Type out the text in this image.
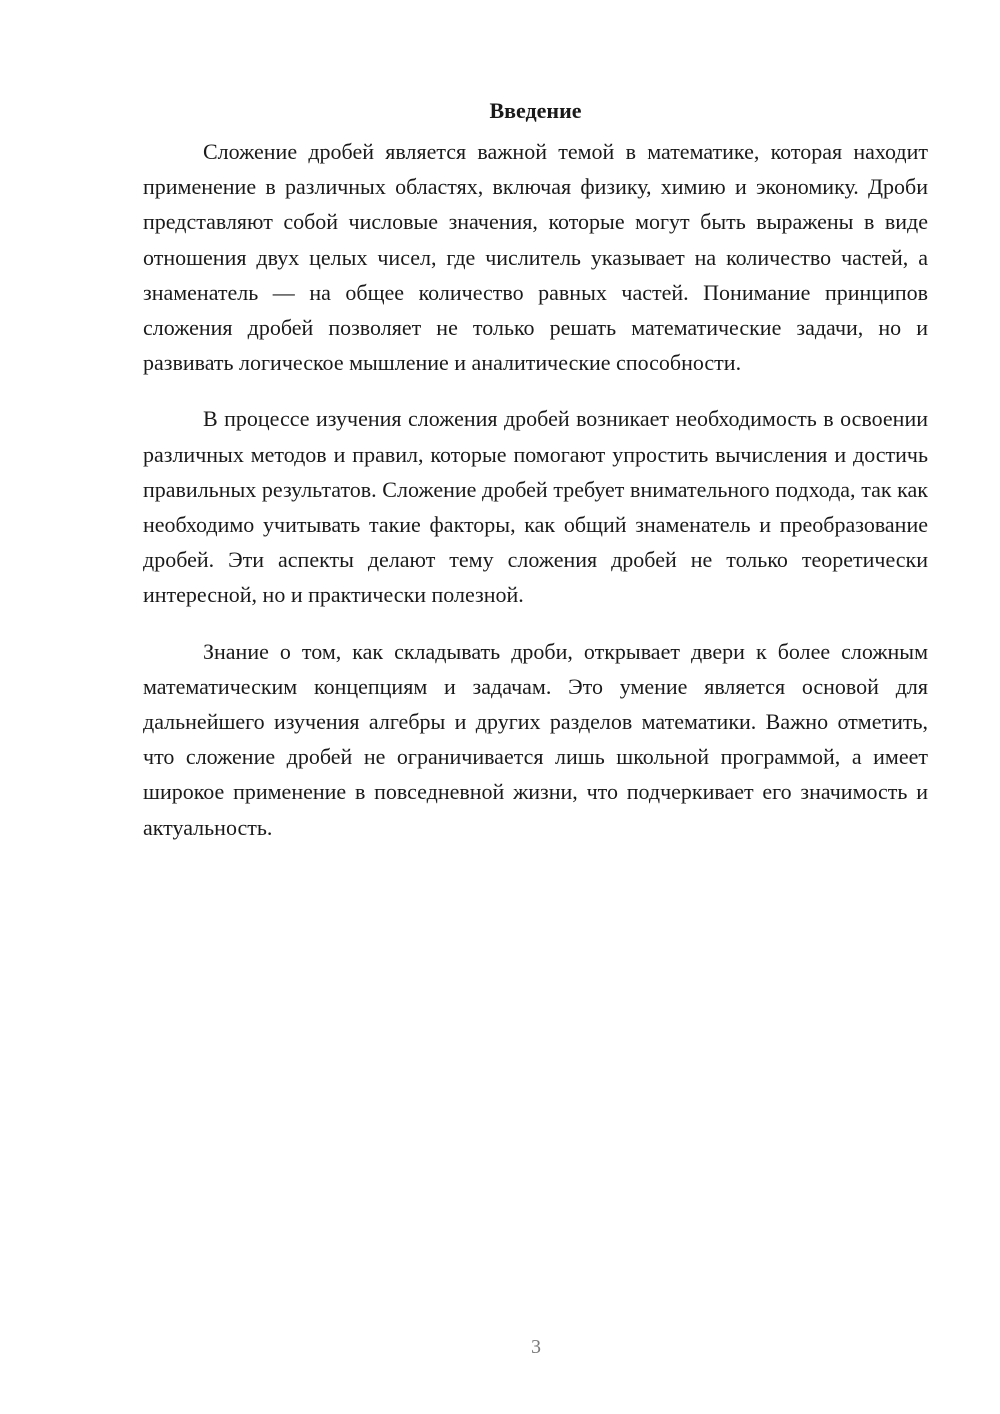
Введение

Сложение дробей является важной темой в математике, которая находит применение в различных областях, включая физику, химию и экономику. Дроби представляют собой числовые значения, которые могут быть выражены в виде отношения двух целых чисел, где числитель указывает на количество частей, а знаменатель — на общее количество равных частей. Понимание принципов сложения дробей позволяет не только решать математические задачи, но и развивать логическое мышление и аналитические способности.

В процессе изучения сложения дробей возникает необходимость в освоении различных методов и правил, которые помогают упростить вычисления и достичь правильных результатов. Сложение дробей требует внимательного подхода, так как необходимо учитывать такие факторы, как общий знаменатель и преобразование дробей. Эти аспекты делают тему сложения дробей не только теоретически интересной, но и практически полезной.

Знание о том, как складывать дроби, открывает двери к более сложным математическим концепциям и задачам. Это умение является основой для дальнейшего изучения алгебры и других разделов математики. Важно отметить, что сложение дробей не ограничивается лишь школьной программой, а имеет широкое применение в повседневной жизни, что подчеркивает его значимость и актуальность.

3
